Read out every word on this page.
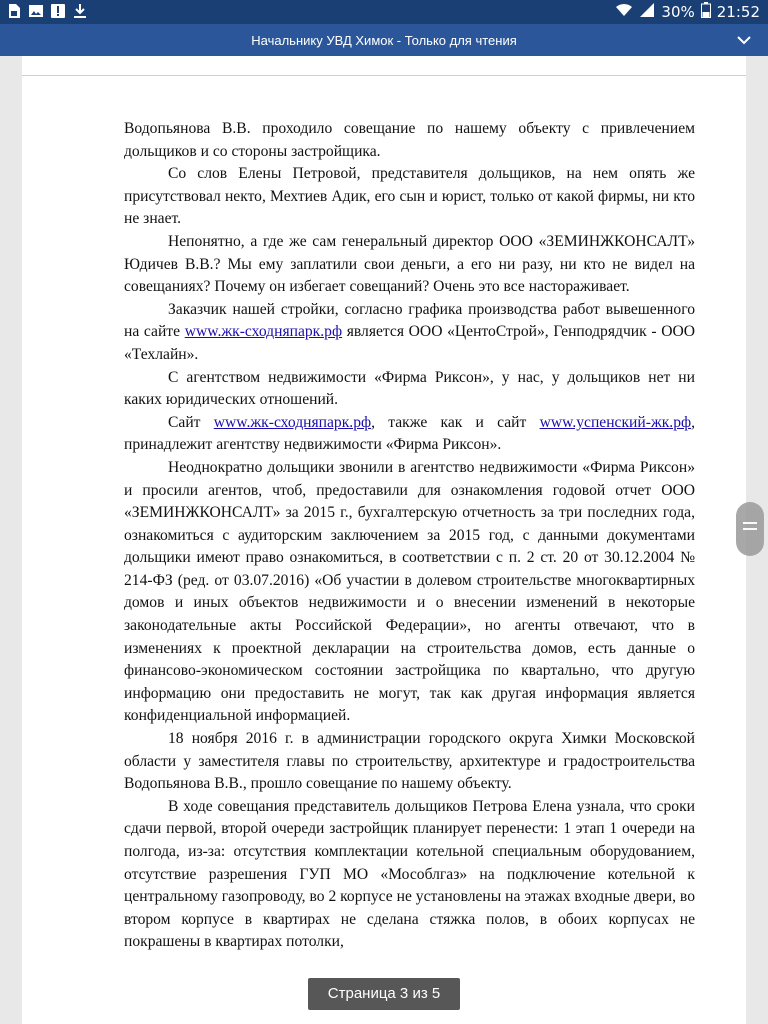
30% 21:52
Начальнику УВД Химок - Только для чтения

Водопьянова В.В. проходило совещание по нашему объекту с привлечением дольщиков и со стороны застройщика.

Со слов Елены Петровой, представителя дольщиков, на нем опять же присутствовал некто, Мехтиев Адик, его сын и юрист, только от какой фирмы, ни кто не знает.

Непонятно, а где же сам генеральный директор ООО «ЗЕМИНЖКОНСАЛТ» Юдичев В.В.? Мы ему заплатили свои деньги, а его ни разу, ни кто не видел на совещаниях? Почему он избегает совещаний? Очень это все настораживает.

Заказчик нашей стройки, согласно графика производства работ вывешенного на сайте www.жк-сходняпарк.рф является ООО «ЦентоСтрой», Генподрядчик - ООО «Техлайн».

С агентством недвижимости «Фирма Риксон», у нас, у дольщиков нет ни каких юридических отношений.

Сайт www.жк-сходняпарк.рф, также как и сайт www.успенский-жк.рф, принадлежит агентству недвижимости «Фирма Риксон».

Неоднократно дольщики звонили в агентство недвижимости «Фирма Риксон» и просили агентов, чтоб, предоставили для ознакомления годовой отчет ООО «ЗЕМИНЖКОНСАЛТ» за 2015 г., бухгалтерскую отчетность за три последних года, ознакомиться с аудиторским заключением за 2015 год, с данными документами дольщики имеют право ознакомиться, в соответствии с п. 2 ст. 20 от 30.12.2004 № 214-ФЗ (ред. от 03.07.2016) «Об участии в долевом строительстве многоквартирных домов и иных объектов недвижимости и о внесении изменений в некоторые законодательные акты Российской Федерации», но агенты отвечают, что в изменениях к проектной декларации на строительства домов, есть данные о финансово-экономическом состоянии застройщика по квартально, что другую информацию они предоставить не могут, так как другая информация является конфиденциальной информацией.

18 ноября 2016 г. в администрации городского округа Химки Московской области у заместителя главы по строительству, архитектуре и градостроительства Водопьянова В.В., прошло совещание по нашему объекту.

В ходе совещания представитель дольщиков Петрова Елена узнала, что сроки сдачи первой, второй очереди застройщик планирует перенести: 1 этап 1 очереди на полгода, из-за: отсутствия комплектации котельной специальным оборудованием, отсутствие разрешения ГУП МО «Мособлгаз» на подключение котельной к центральному газопроводу, во 2 корпусе не установлены на этажах входные двери, во втором корпусе в квартирах не сделана стяжка полов, в обоих корпусах не покрашены в квартирах потолки,

Страница 3 из 5
